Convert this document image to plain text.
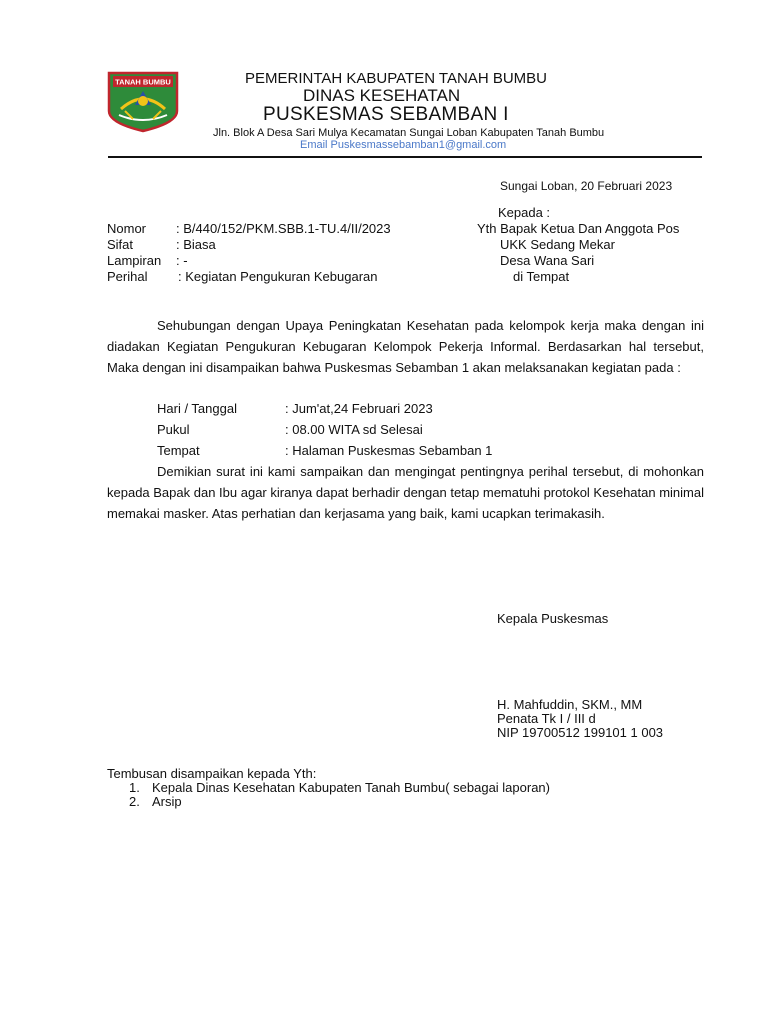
TANAH BUMBU	PEMERINTAH KABUPATEN TANAH BUMBU
DINAS KESEHATAN
PUSKESMAS SEBAMBAN I
Jln. Blok A Desa Sari Mulya Kecamatan Sungai Loban Kabupaten Tanah Bumbu
Email Puskesmassebamban1@gmail.com
Sungai Loban, 20 Februari 2023
Kepada :
Yth Bapak Ketua Dan Anggota Pos
UKK Sedang Mekar
Desa Wana Sari
di Tempat
Nomor : B/440/152/PKM.SBB.1-TU.4/II/2023
Sifat	: Biasa
Lampiran : -
Perihal : Kegiatan Pengukuran Kebugaran
Sehubungan dengan Upaya Peningkatan Kesehatan pada kelompok kerja maka dengan ini diadakan Kegiatan Pengukuran Kebugaran Kelompok Pekerja Informal. Berdasarkan hal tersebut, Maka dengan ini disampaikan bahwa Puskesmas Sebamban 1 akan melaksanakan kegiatan pada :
Hari / Tanggal	: Jum'at,24 Februari 2023
Pukul	: 08.00 WITA sd Selesai
Tempat	: Halaman Puskesmas Sebamban 1
Demikian surat ini kami sampaikan dan mengingat pentingnya perihal tersebut, di mohonkan kepada Bapak dan Ibu agar kiranya dapat berhadir dengan tetap mematuhi protokol Kesehatan minimal memakai masker. Atas perhatian dan kerjasama yang baik, kami ucapkan terimakasih.
Kepala Puskesmas
H. Mahfuddin, SKM., MM
Penata Tk I / III d
NIP 19700512 199101 1 003
Tembusan disampaikan kepada Yth:
1. Kepala Dinas Kesehatan Kabupaten Tanah Bumbu( sebagai laporan)
2. Arsip
